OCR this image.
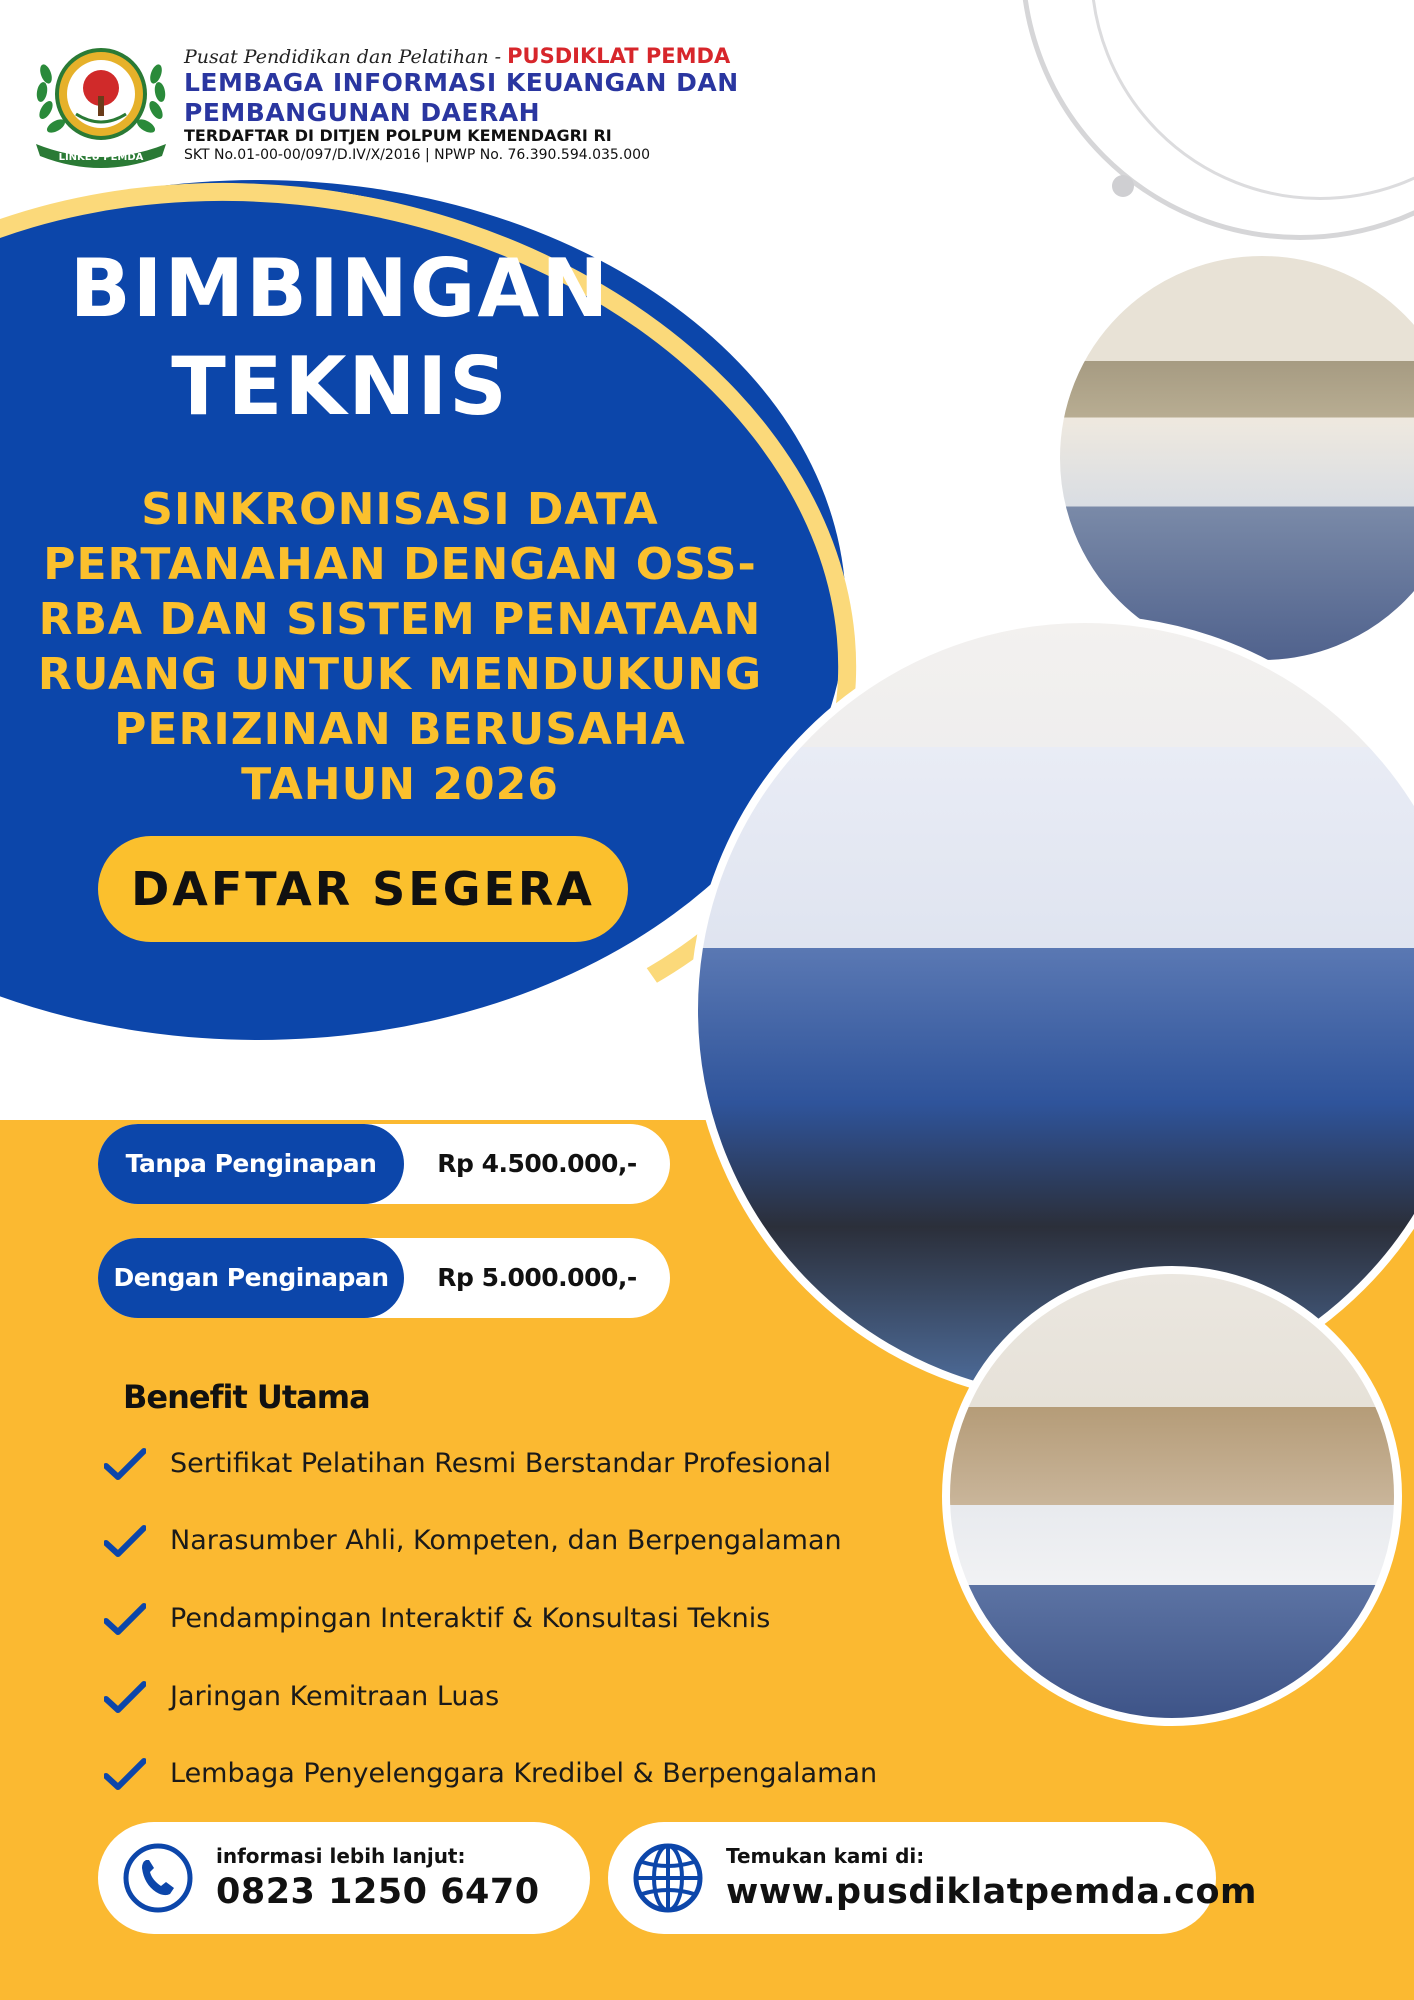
LINKEU PEMDA
Pusat Pendidikan dan Pelatihan - PUSDIKLAT PEMDA
LEMBAGA INFORMASI KEUANGAN DAN PEMBANGUNAN DAERAH
TERDAFTAR DI DITJEN POLPUM KEMENDAGRI RI
SKT No.01-00-00/097/D.IV/X/2016 | NPWP No. 76.390.594.035.000
BIMBINGAN TEKNIS
SINKRONISASI DATA PERTANAHAN DENGAN OSS-RBA DAN SISTEM PENATAAN RUANG UNTUK MENDUKUNG PERIZINAN BERUSAHA TAHUN 2026
DAFTAR SEGERA
Tanpa Penginapan	Rp 4.500.000,-
Dengan Penginapan	Rp 5.000.000,-
Benefit Utama
Sertifikat Pelatihan Resmi Berstandar Profesional
Narasumber Ahli, Kompeten, dan Berpengalaman
Pendampingan Interaktif & Konsultasi Teknis
Jaringan Kemitraan Luas
Lembaga Penyelenggara Kredibel & Berpengalaman
informasi lebih lanjut:
0823 1250 6470
Temukan kami di:
www.pusdiklatpemda.com
